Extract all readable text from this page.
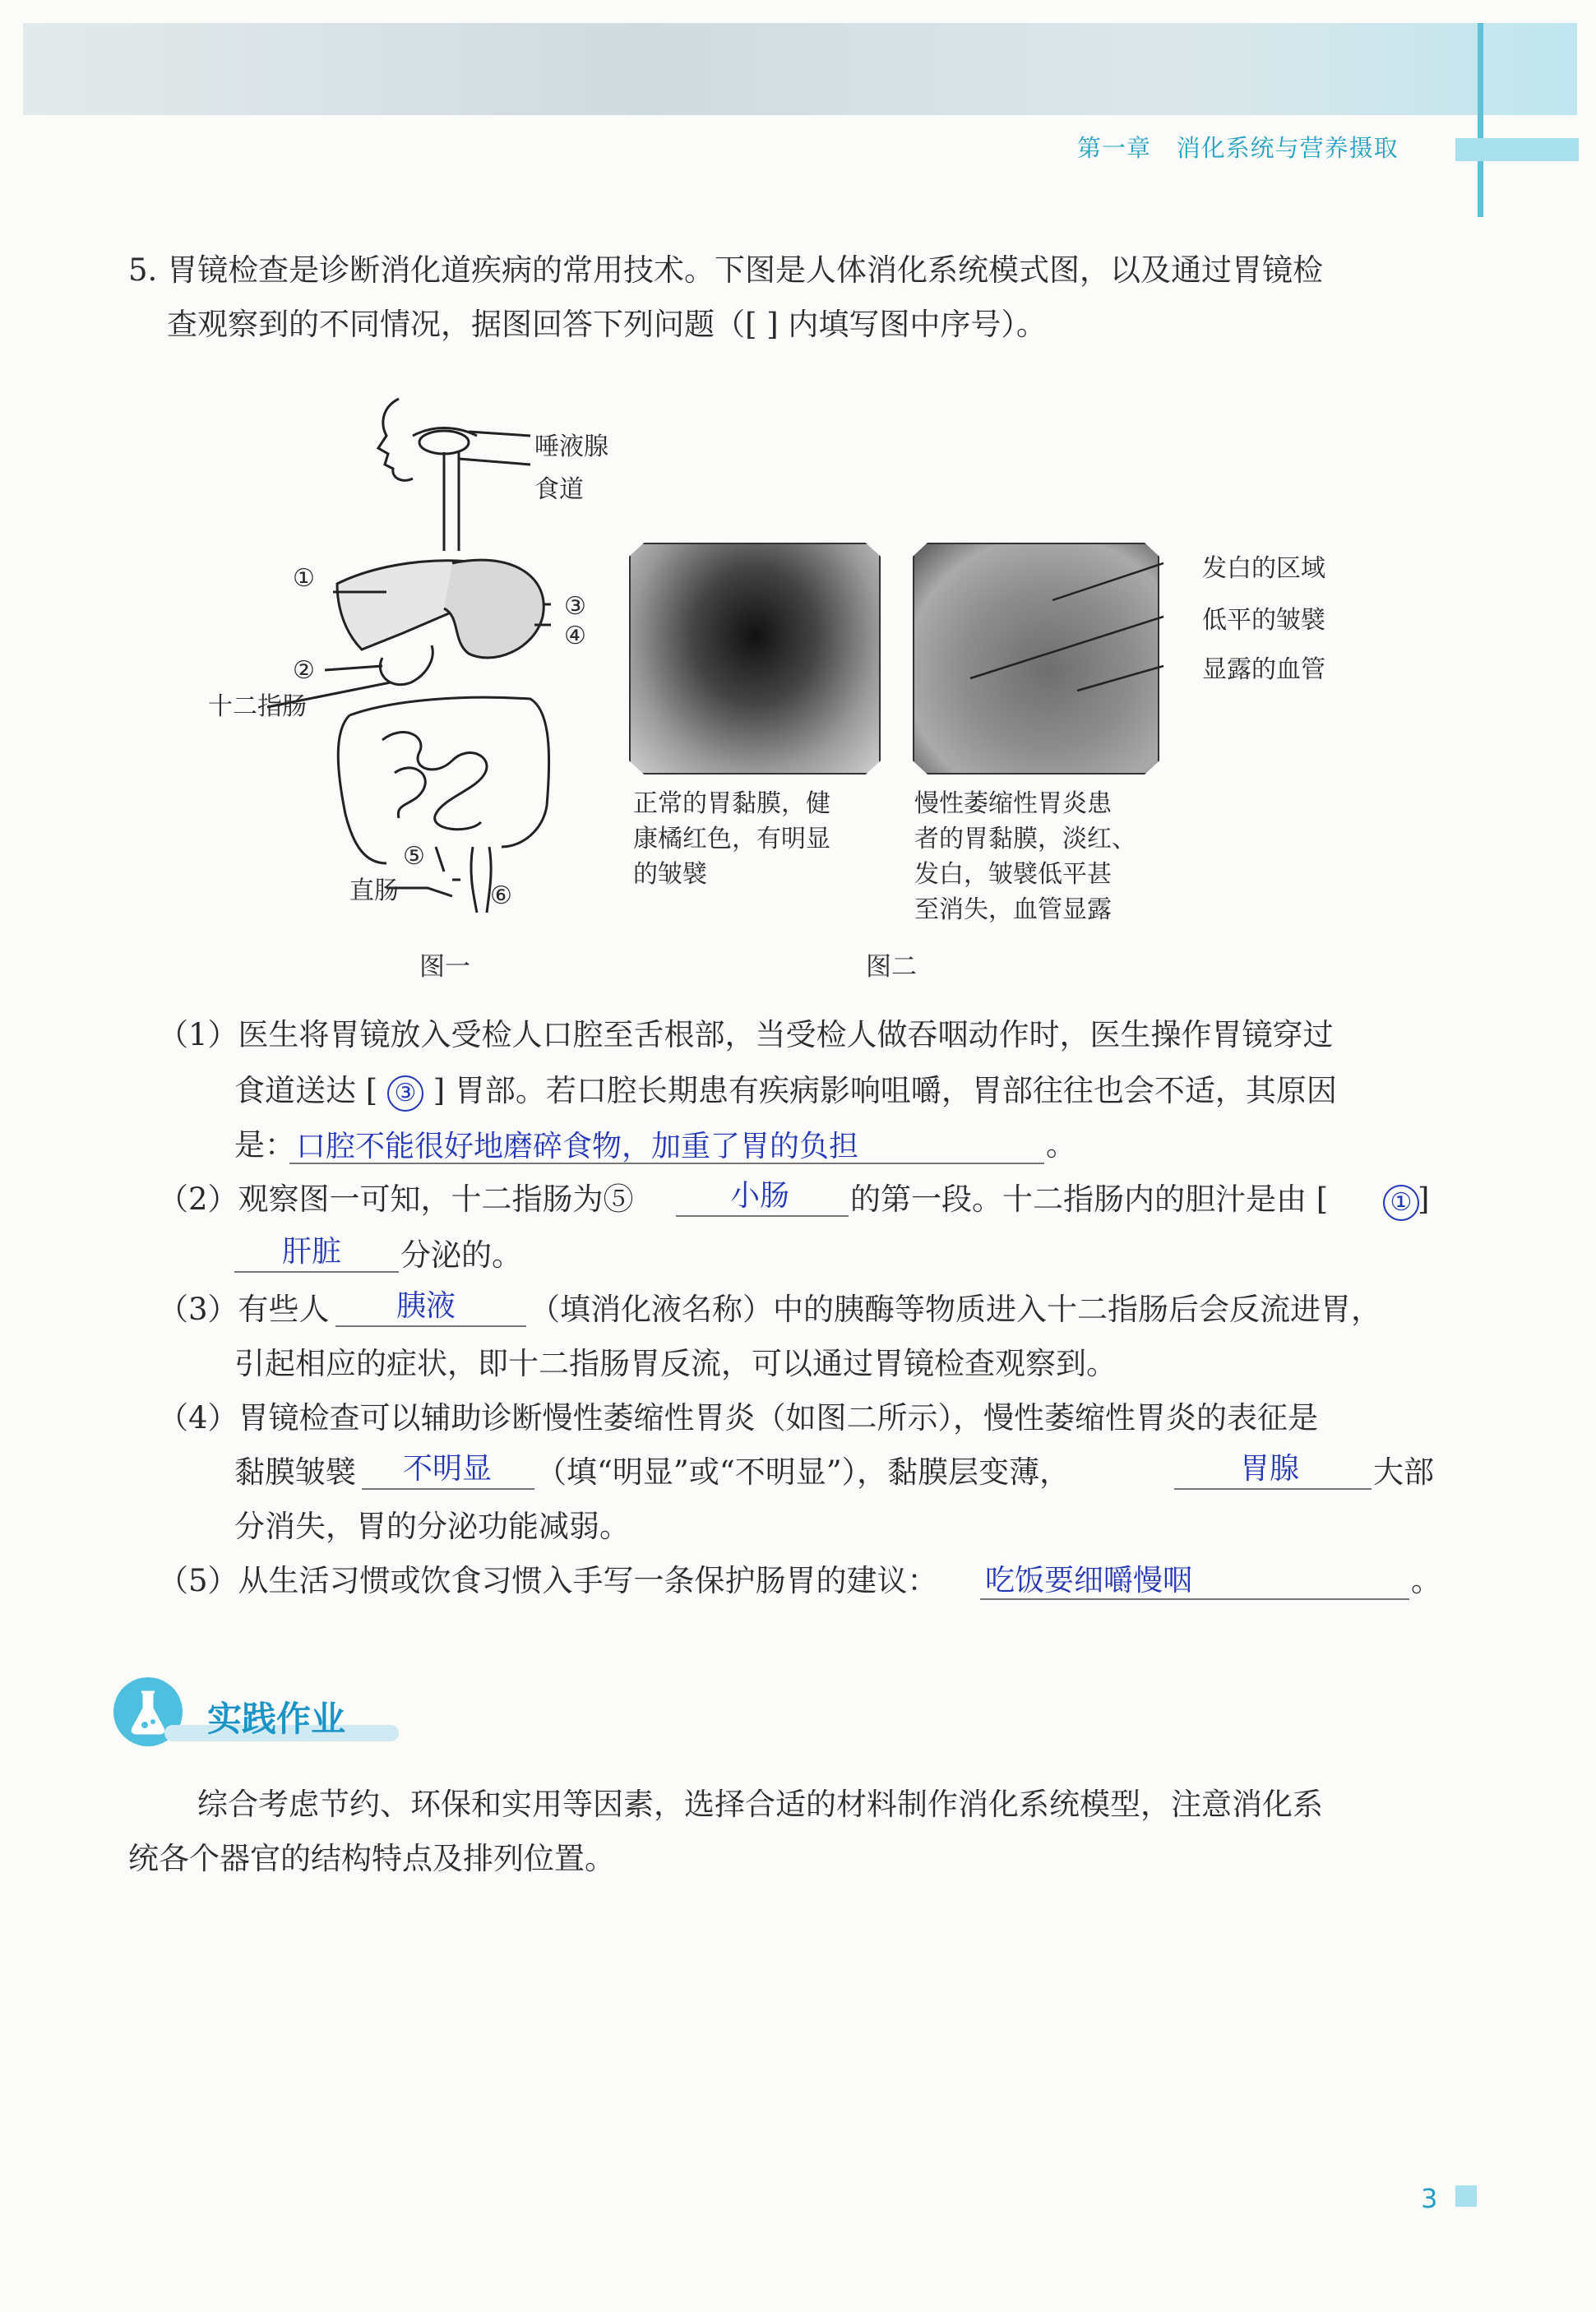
第一章 消化系统与营养摄取
5. 胃镜检查是诊断消化道疾病的常用技术。下图是人体消化系统模式图，以及通过胃镜检
查观察到的不同情况，据图回答下列问题（[ ] 内填写图中序号）。
唾液腺
食道
十二指肠
直肠
①
②
③
④
⑤
⑥
图一
发白的区域
低平的皱襞
显露的血管
正常的胃黏膜，健
康橘红色，有明显
的皱襞
慢性萎缩性胃炎患
者的胃黏膜，淡红、
发白，皱襞低平甚
至消失，血管显露
图二
（1）医生将胃镜放入受检人口腔至舌根部，当受检人做吞咽动作时，医生操作胃镜穿过
食道送达 [ ③ ] 胃部。若口腔长期患有疾病影响咀嚼，胃部往往也会不适，其原因
是： 口腔不能很好地磨碎食物，加重了胃的负担	。
（2）观察图一可知，十二指肠为⑤	小肠 的第一段。十二指肠内的胆汁是由 [	① ]
肝脏 分泌的。
（3）有些人 胰液 （填消化液名称）中的胰酶等物质进入十二指肠后会反流进胃，
引起相应的症状，即十二指肠胃反流，可以通过胃镜检查观察到。
（4）胃镜检查可以辅助诊断慢性萎缩性胃炎（如图二所示），慢性萎缩性胃炎的表征是
黏膜皱襞 不明显 （填“明显”或“不明显”），黏膜层变薄，	胃腺 大部
分消失，胃的分泌功能减弱。
（5）从生活习惯或饮食习惯入手写一条保护肠胃的建议： 吃饭要细嚼慢咽	。
实践作业
综合考虑节约、环保和实用等因素，选择合适的材料制作消化系统模型，注意消化系
统各个器官的结构特点及排列位置。
3
